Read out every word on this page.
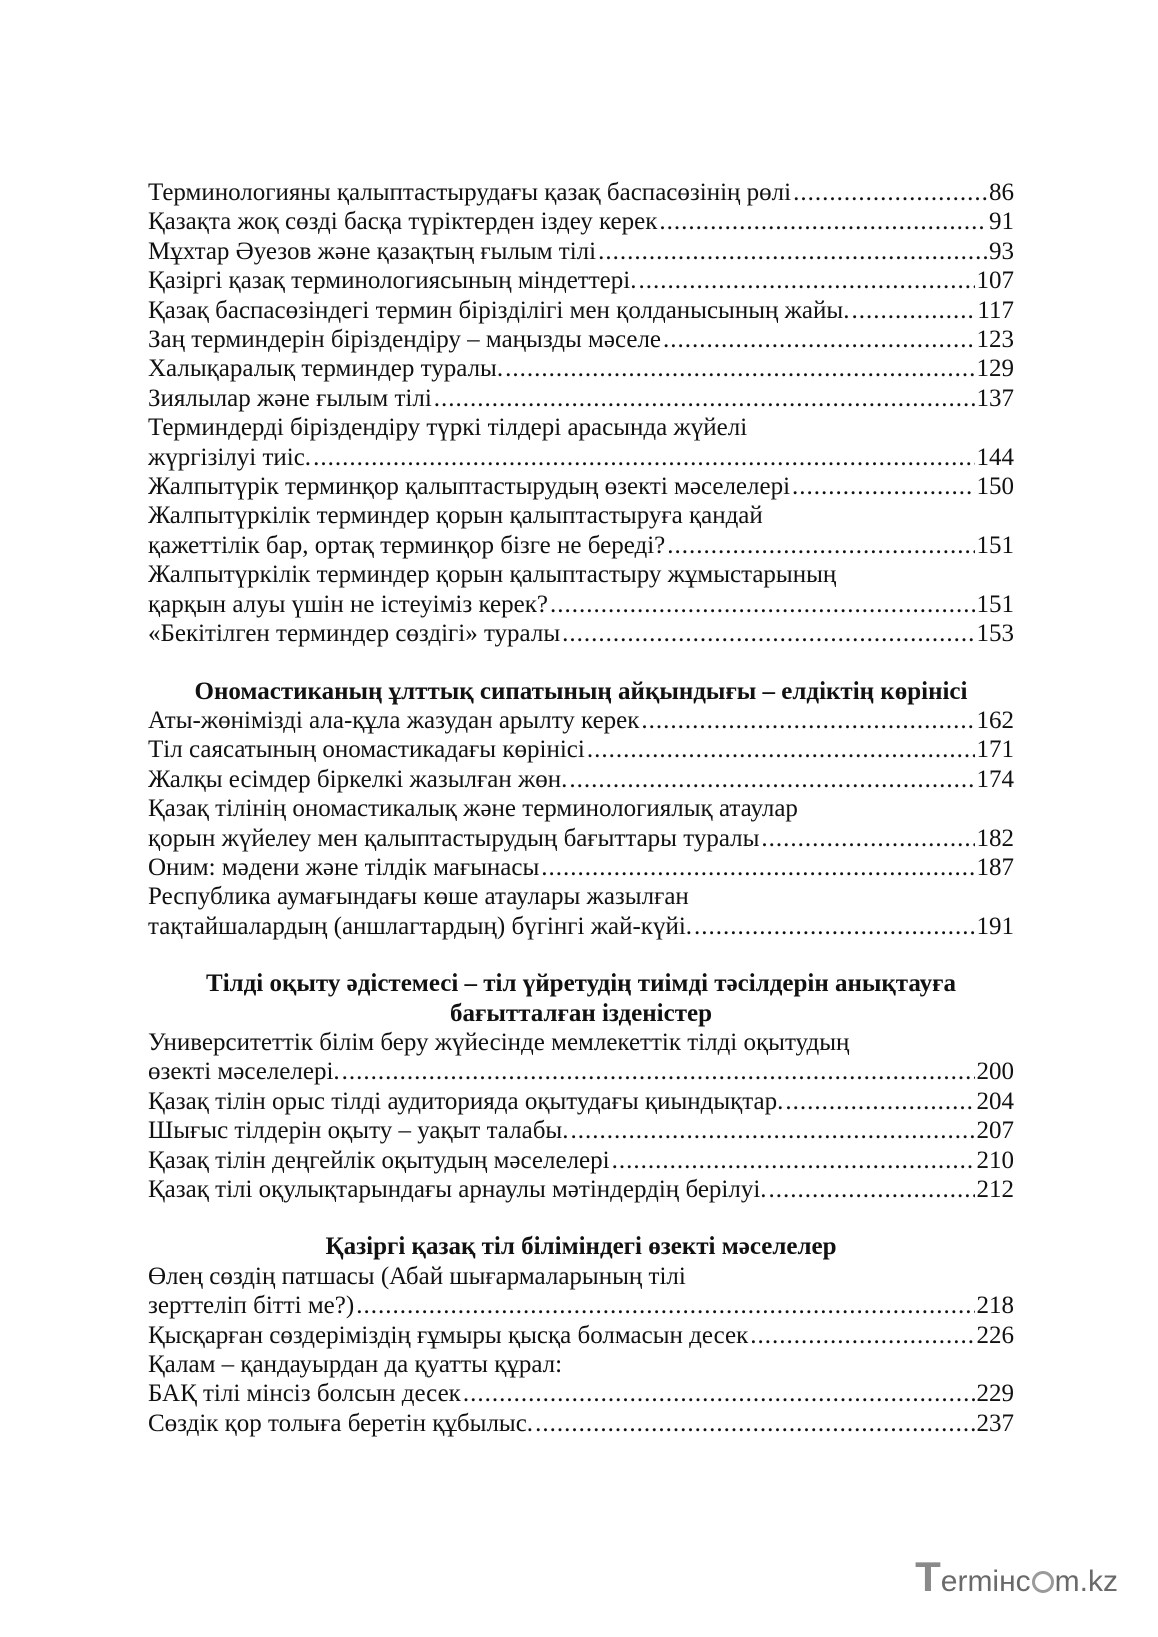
Терминологияны қалыптастырудағы қазақ баспасөзінің рөлі .....	86
Қазақта жоқ сөзді басқа түріктерден іздеу керек .....	91
Мұхтар Әуезов және қазақтың ғылым тілі .....	93
Қазіргі қазақ терминологиясының міндеттері. .....	107
Қазақ баспасөзіндегі термин біріздiлiгi мен қолданысының жайы. .....	117
Заң терминдерін біріздендіру – маңызды мәселе .....	123
Халықаралық терминдер туралы. .....	129
Зиялылар және ғылым тілі .....	137
Терминдерді біріздендіру түркі тілдері арасында жүйелі
жүргізілуі тиіс. .....	144
Жалпытүрік терминқор қалыптастырудың өзекті мәселелері .....	150
Жалпытүркілік терминдер қорын қалыптастыруға қандай
қажеттілік бар, ортақ терминқор бізге не береді? .....	151
Жалпытүркілік терминдер қорын қалыптастыру жұмыстарының
қарқын алуы үшін не істеуіміз керек? .....	151
«Бекітілген терминдер сөздігі» туралы .....	153
Ономастиканың ұлттық сипатының айқындығы – елдіктің көрінісі
Аты-жөнімізді ала-құла жазудан арылту керек .....	162
Тіл саясатының ономастикадағы көрінісі .....	171
Жалқы есімдер біркелкі жазылған жөн. .....	174
Қазақ тілінің ономастикалық және терминологиялық атаулар
қорын жүйелеу мен қалыптастырудың бағыттары туралы .....	182
Оним: мәдени және тілдік мағынасы .....	187
Республика аумағындағы көше атаулары жазылған
тақтайшалардың (аншлагтардың) бүгінгі жай-күйі. .....	191
Тілді оқыту әдістемесі – тіл үйретудің тиімді тәсілдерін анықтауға бағытталған ізденістер
Университеттік білім беру жүйесінде мемлекеттік тілді оқытудың
өзекті мәселелері. .....	200
Қазақ тілін орыс тілді аудиторияда оқытудағы қиындықтар. .....	204
Шығыс тілдерін оқыту – уақыт талабы. .....	207
Қазақ тілін деңгейлік оқытудың мәселелері .....	210
Қазақ тілі оқулықтарындағы арнаулы мәтіндердің берілуі. .....	212
Қазіргі қазақ тіл біліміндегі өзекті мәселелер
Өлең сөздің патшасы (Абай шығармаларының тілі
зерттеліп бітті ме?) .....	218
Қысқарған сөздеріміздің ғұмыры қысқа болмасын десек .....	226
Қалам – қандауырдан да қуатты құрал:
БАҚ тілі мінсіз болсын десек .....	229
Сөздік қор толыға беретін құбылыс. .....	237
T ermінc m.kz
